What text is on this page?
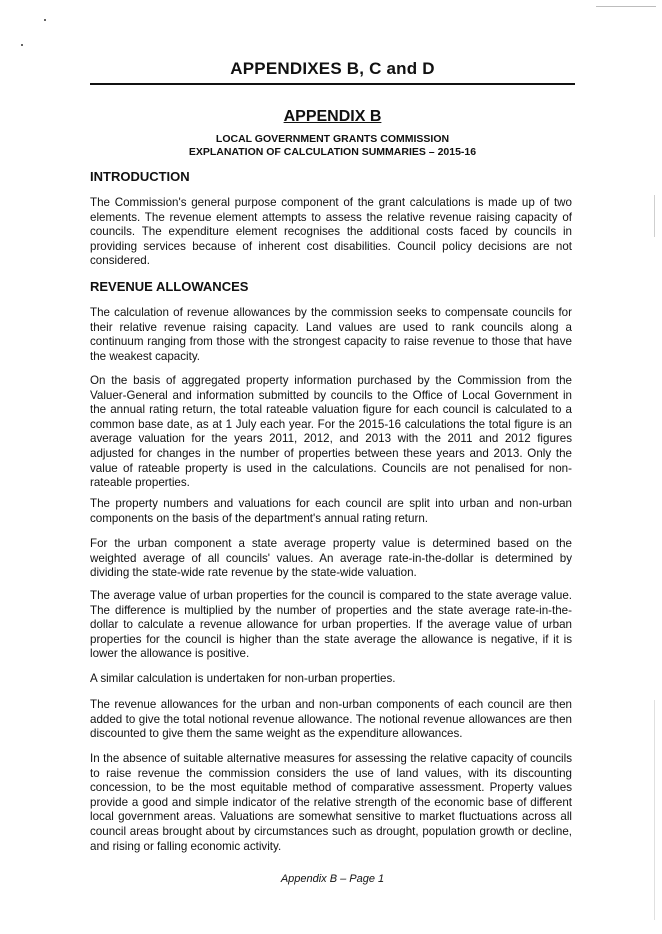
APPENDIXES B, C and D
APPENDIX B
LOCAL GOVERNMENT GRANTS COMMISSION
EXPLANATION OF CALCULATION SUMMARIES – 2015-16
INTRODUCTION

The Commission's general purpose component of the grant calculations is made up of two elements. The revenue element attempts to assess the relative revenue raising capacity of councils. The expenditure element recognises the additional costs faced by councils in providing services because of inherent cost disabilities. Council policy decisions are not considered.

REVENUE ALLOWANCES

The calculation of revenue allowances by the commission seeks to compensate councils for their relative revenue raising capacity. Land values are used to rank councils along a continuum ranging from those with the strongest capacity to raise revenue to those that have the weakest capacity.

On the basis of aggregated property information purchased by the Commission from the Valuer-General and information submitted by councils to the Office of Local Government in the annual rating return, the total rateable valuation figure for each council is calculated to a common base date, as at 1 July each year. For the 2015-16 calculations the total figure is an average valuation for the years 2011, 2012, and 2013 with the 2011 and 2012 figures adjusted for changes in the number of properties between these years and 2013. Only the value of rateable property is used in the calculations. Councils are not penalised for non-rateable properties.

The property numbers and valuations for each council are split into urban and non-urban components on the basis of the department's annual rating return.

For the urban component a state average property value is determined based on the weighted average of all councils' values. An average rate-in-the-dollar is determined by dividing the state-wide rate revenue by the state-wide valuation.

The average value of urban properties for the council is compared to the state average value. The difference is multiplied by the number of properties and the state average rate-in-the-dollar to calculate a revenue allowance for urban properties. If the average value of urban properties for the council is higher than the state average the allowance is negative, if it is lower the allowance is positive.

A similar calculation is undertaken for non-urban properties.

The revenue allowances for the urban and non-urban components of each council are then added to give the total notional revenue allowance. The notional revenue allowances are then discounted to give them the same weight as the expenditure allowances.

In the absence of suitable alternative measures for assessing the relative capacity of councils to raise revenue the commission considers the use of land values, with its discounting concession, to be the most equitable method of comparative assessment. Property values provide a good and simple indicator of the relative strength of the economic base of different local government areas. Valuations are somewhat sensitive to market fluctuations across all council areas brought about by circumstances such as drought, population growth or decline, and rising or falling economic activity.

Appendix B – Page 1
